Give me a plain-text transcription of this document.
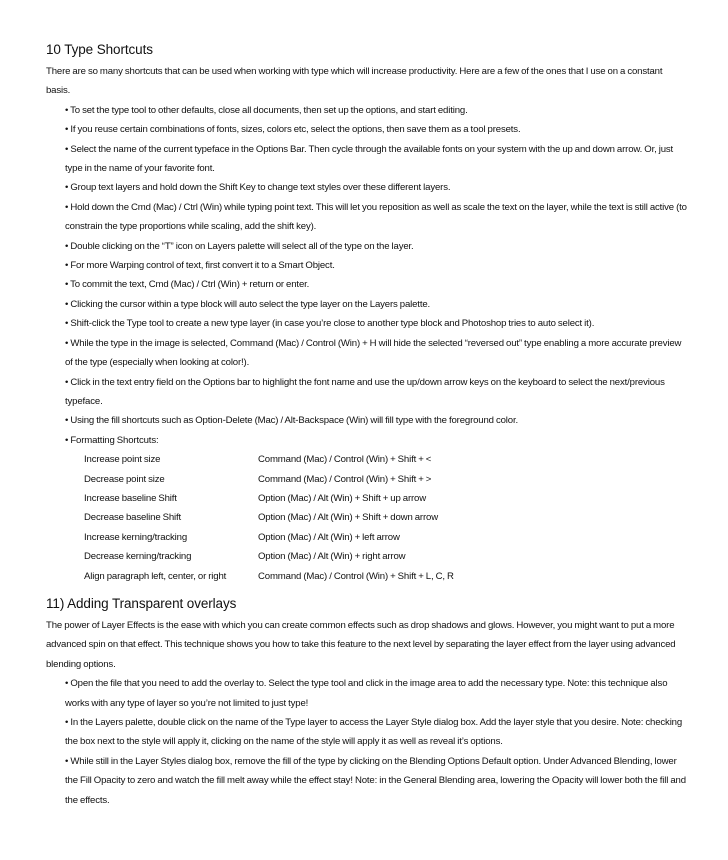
10 Type Shortcuts

There are so many shortcuts that can be used when working with type which will increase productivity. Here are a few of the ones that I use on a constant basis.

• To set the type tool to other defaults, close all documents, then set up the options, and start editing.
• If you reuse certain combinations of fonts, sizes, colors etc, select the options, then save them as a tool presets.
• Select the name of the current typeface in the Options Bar. Then cycle through the available fonts on your system with the up and down arrow. Or, just type in the name of your favorite font.
• Group text layers and hold down the Shift Key to change text styles over these different layers.
• Hold down the Cmd (Mac) / Ctrl (Win) while typing point text. This will let you reposition as well as scale the text on the layer, while the text is still active (to constrain the type proportions while scaling, add the shift key).
• Double clicking on the “T” icon on Layers palette will select all of the type on the layer.
• For more Warping control of text, first convert it to a Smart Object.
• To commit the text, Cmd (Mac) / Ctrl (Win) + return or enter.
• Clicking the cursor within a type block will auto select the type layer on the Layers palette.
• Shift-click the Type tool to create a new type layer (in case you’re close to another type block and Photoshop tries to auto select it).
• While the type in the image is selected, Command (Mac) / Control (Win) + H will hide the selected “reversed out” type enabling a more accurate preview of the type (especially when looking at color!).
• Click in the text entry field on the Options bar to highlight the font name and use the up/down arrow keys on the keyboard to select the next/previous typeface.
• Using the fill shortcuts such as Option-Delete (Mac) / Alt-Backspace (Win) will fill type with the foreground color.
• Formatting Shortcuts:
Increase point size	Command (Mac) / Control (Win) + Shift + <
Decrease point size	Command (Mac) / Control (Win) + Shift + >
Increase baseline Shift	Option (Mac) / Alt (Win) + Shift + up arrow
Decrease baseline Shift	Option (Mac) / Alt (Win) + Shift + down arrow
Increase kerning/tracking	Option (Mac) / Alt (Win) + left arrow
Decrease kerning/tracking	Option (Mac) / Alt (Win) + right arrow
Align paragraph left, center, or right	Command (Mac) / Control (Win) + Shift + L, C, R
11) Adding Transparent overlays

The power of Layer Effects is the ease with which you can create common effects such as drop shadows and glows. However, you might want to put a more advanced spin on that effect. This technique shows you how to take this feature to the next level by separating the layer effect from the layer using advanced blending options.

• Open the file that you need to add the overlay to. Select the type tool and click in the image area to add the necessary type. Note: this technique also works with any type of layer so you’re not limited to just type!
• In the Layers palette, double click on the name of the Type layer to access the Layer Style dialog box. Add the layer style that you desire. Note: checking the box next to the style will apply it, clicking on the name of the style will apply it as well as reveal it’s options.
• While still in the Layer Styles dialog box, remove the fill of the type by clicking on the Blending Options Default option. Under Advanced Blending, lower the Fill Opacity to zero and watch the fill melt away while the effect stay! Note: in the General Blending area, lowering the Opacity will lower both the fill and the effects.
